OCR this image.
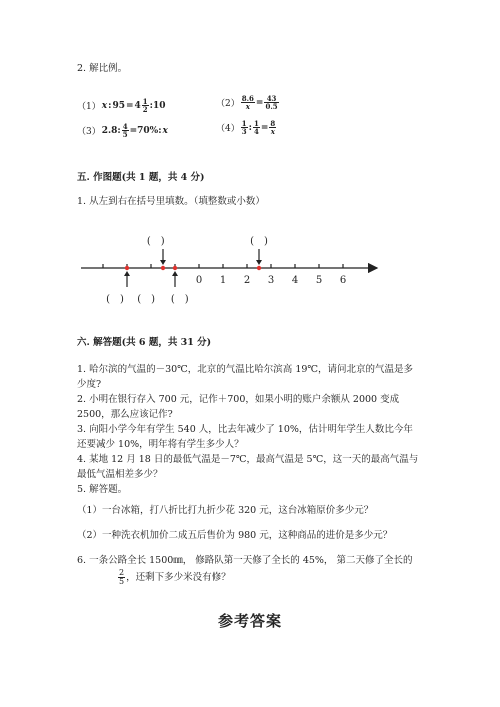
2. 解比例。
（1） x : $95 = 4 \frac{1}{2}$ :10	$(2) \frac{8.6}{x} = \frac{43}{0.5}$
（3） 2.8: $\frac{4}{5} =70\%$: x	$(4) \frac{1}{3}$ : $\frac{1}{4} = \frac{8}{x}$
五. 作图题(共 1 题，共 4 分)
1. 从左到右在括号里填数。（填整数或小数）
0 1 2 3 4 5 6
(　)	(　)
(　) (　) (　)
六. 解答题(共 6 题，共 31 分)
1. 哈尔滨的气温的－30℃，北京的气温比哈尔滨高 19℃，请问北京的气温是多
少度?
2. 小明在银行存入 700 元，记作＋700，如果小明的账户余额从 2000 变成
2500，那么应该记作?
3. 向阳小学今年有学生 540 人，比去年减少了 10%，估计明年学生人数比今年
还要减少 10%，明年将有学生多少人？
4. 某地 12 月 18 日的最低气温是－7℃，最高气温是 5℃，这一天的最高气温与
最低气温相差多少？
5. 解答题。
（1）一台冰箱，打八折比打九折少花 320 元，这台冰箱原价多少元？
（2）一种洗衣机加价二成五后售价为 980 元，这种商品的进价是多少元？
6. 一条公路全长 1500㎜， 修路队第一天修了全长的 45%， 第二天修了全长的
$\frac{2}{5}$ ，还剩下多少米没有修？
参考答案
